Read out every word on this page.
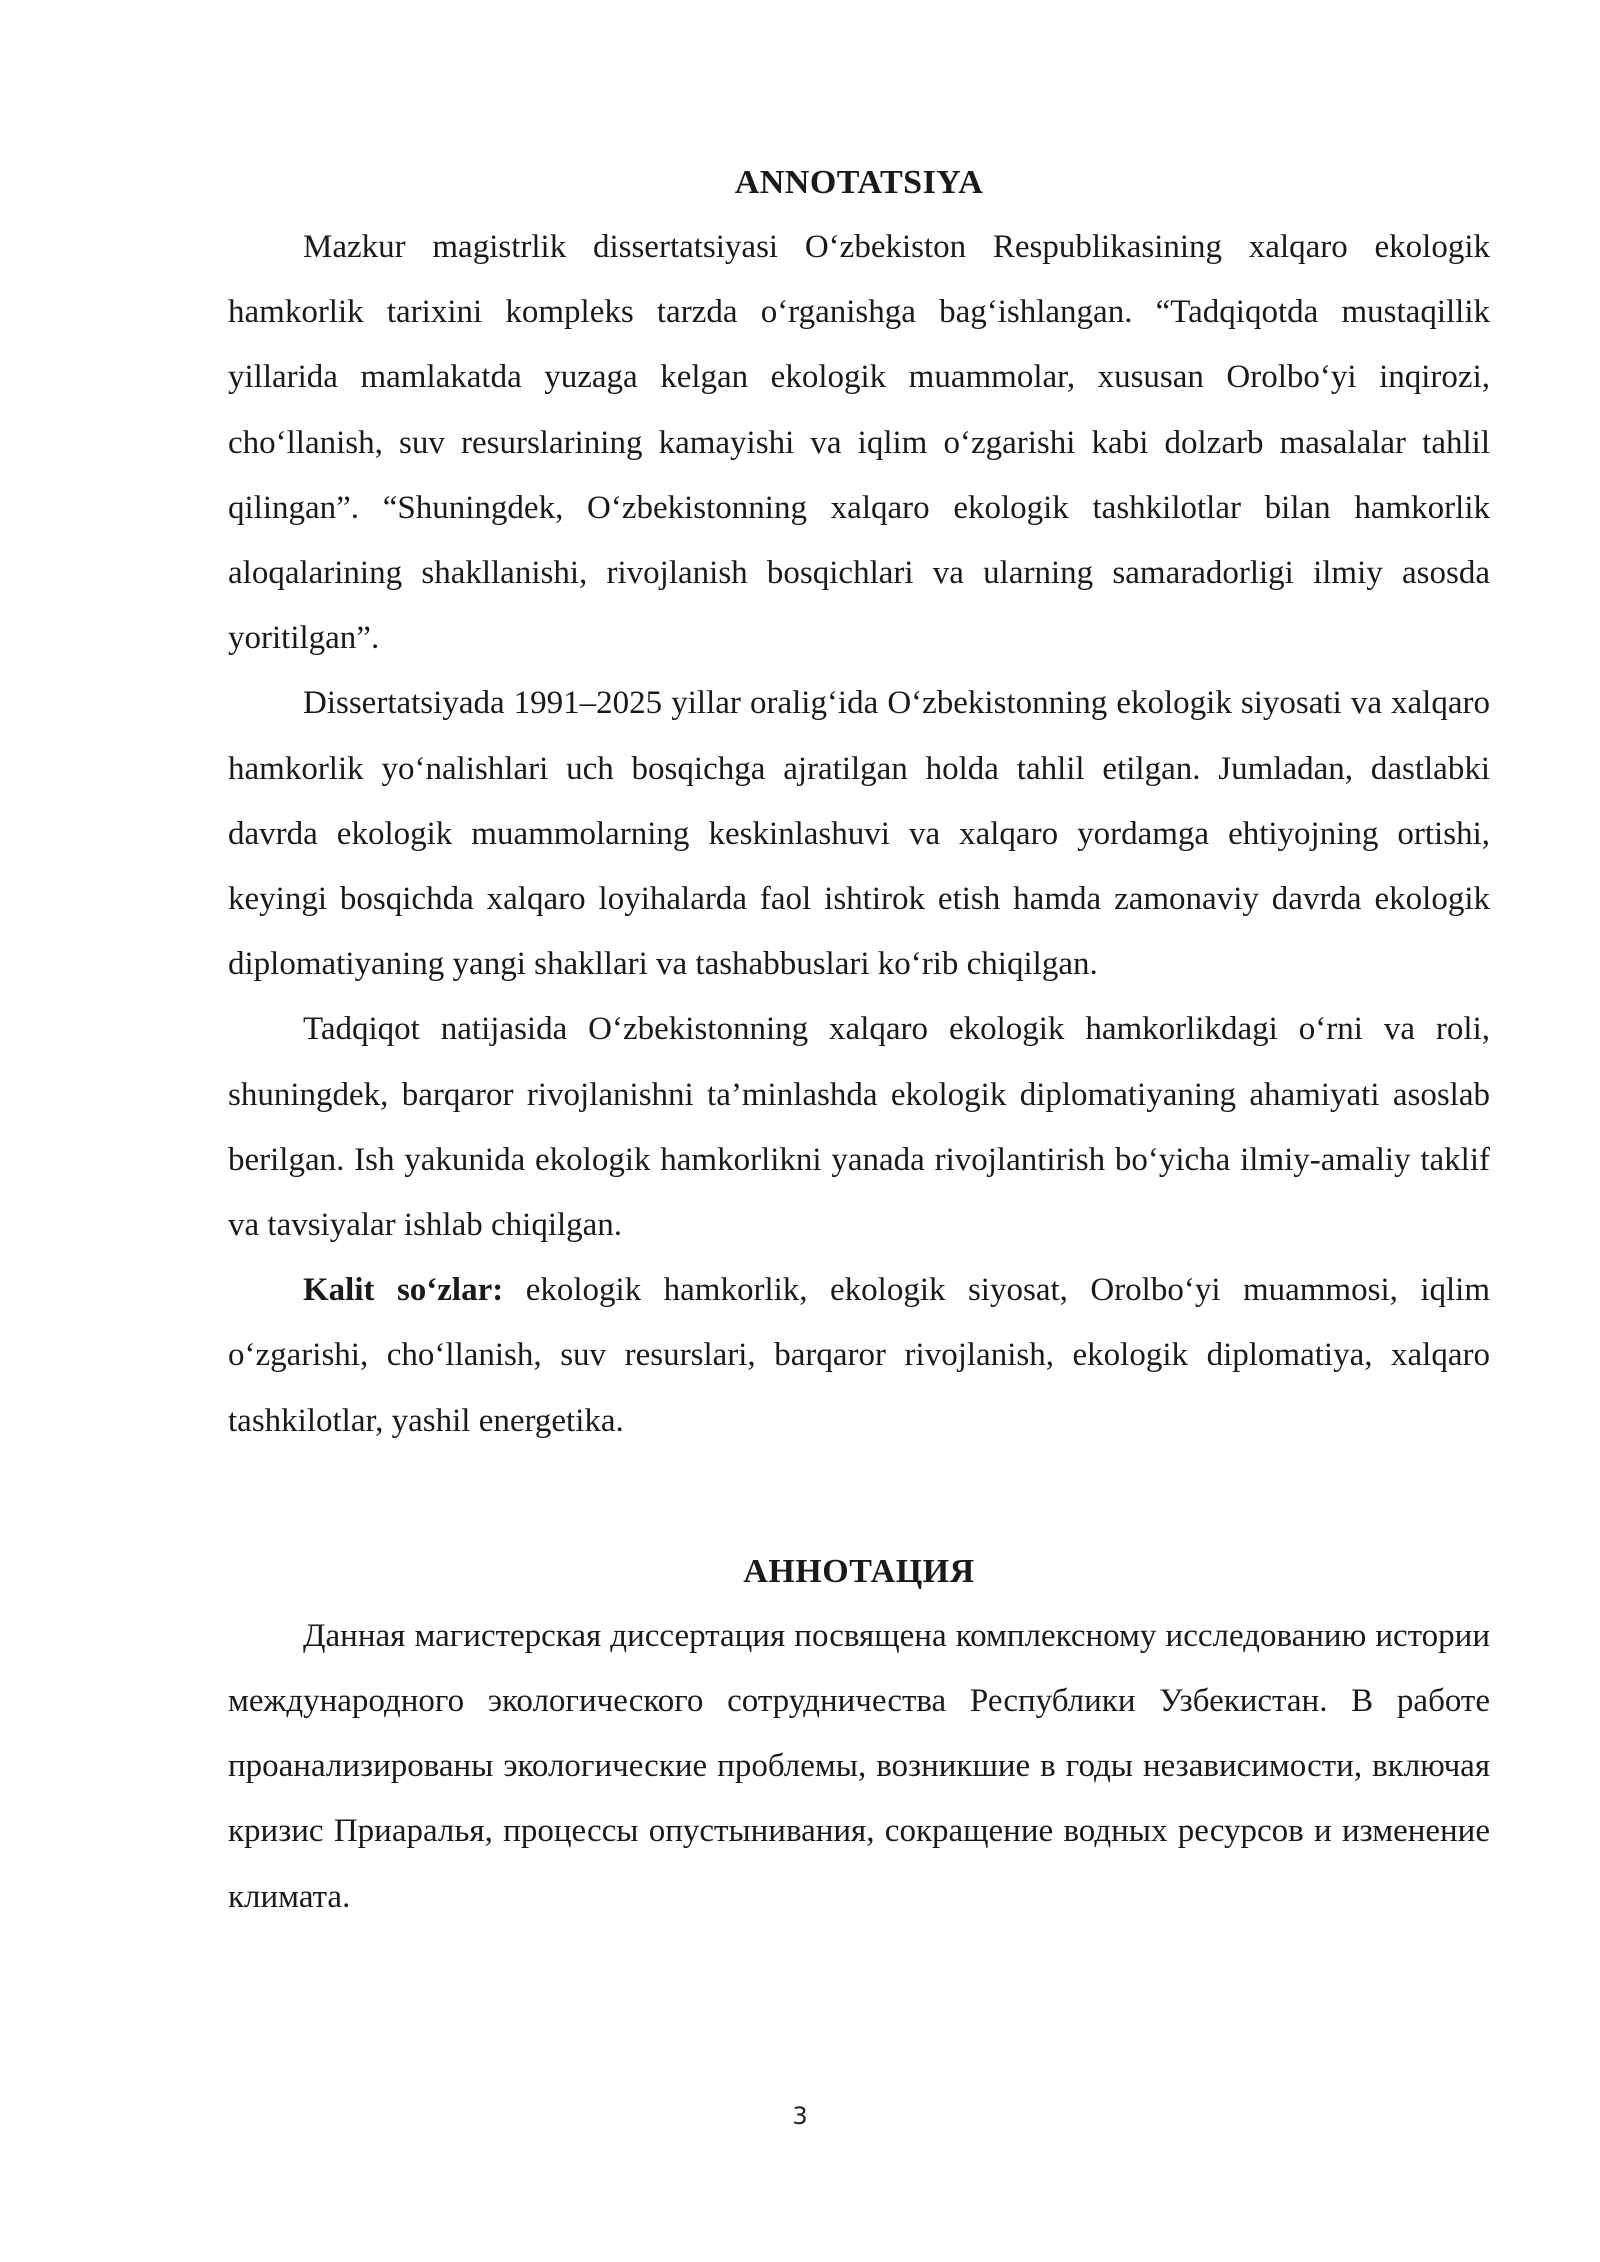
ANNOTATSIYA

Mazkur magistrlik dissertatsiyasi O‘zbekiston Respublikasining xalqaro ekologik hamkorlik tarixini kompleks tarzda o‘rganishga bag‘ishlangan. “Tadqiqotda mustaqillik yillarida mamlakatda yuzaga kelgan ekologik muammolar, xususan Orolbo‘yi inqirozi, cho‘llanish, suv resurslarining kamayishi va iqlim o‘zgarishi kabi dolzarb masalalar tahlil qilingan”. “Shuningdek, O‘zbekistonning xalqaro ekologik tashkilotlar bilan hamkorlik aloqalarining shakllanishi, rivojlanish bosqichlari va ularning samaradorligi ilmiy asosda yoritilgan”.

Dissertatsiyada 1991–2025 yillar oralig‘ida O‘zbekistonning ekologik siyosati va xalqaro hamkorlik yo‘nalishlari uch bosqichga ajratilgan holda tahlil etilgan. Jumladan, dastlabki davrda ekologik muammolarning keskinlashuvi va xalqaro yordamga ehtiyojning ortishi, keyingi bosqichda xalqaro loyihalarda faol ishtirok etish hamda zamonaviy davrda ekologik diplomatiyaning yangi shakllari va tashabbuslari ko‘rib chiqilgan.

Tadqiqot natijasida O‘zbekistonning xalqaro ekologik hamkorlikdagi o‘rni va roli, shuningdek, barqaror rivojlanishni ta’minlashda ekologik diplomatiyaning ahamiyati asoslab berilgan. Ish yakunida ekologik hamkorlikni yanada rivojlantirish bo‘yicha ilmiy-amaliy taklif va tavsiyalar ishlab chiqilgan.

Kalit so‘zlar: ekologik hamkorlik, ekologik siyosat, Orolbo‘yi muammosi, iqlim o‘zgarishi, cho‘llanish, suv resurslari, barqaror rivojlanish, ekologik diplomatiya, xalqaro tashkilotlar, yashil energetika.

АННОТАЦИЯ

Данная магистерская диссертация посвящена комплексному исследованию истории международного экологического сотрудничества Республики Узбекистан. В работе проанализированы экологические проблемы, возникшие в годы независимости, включая кризис Приаралья, процессы опустынивания, сокращение водных ресурсов и изменение климата.

3
